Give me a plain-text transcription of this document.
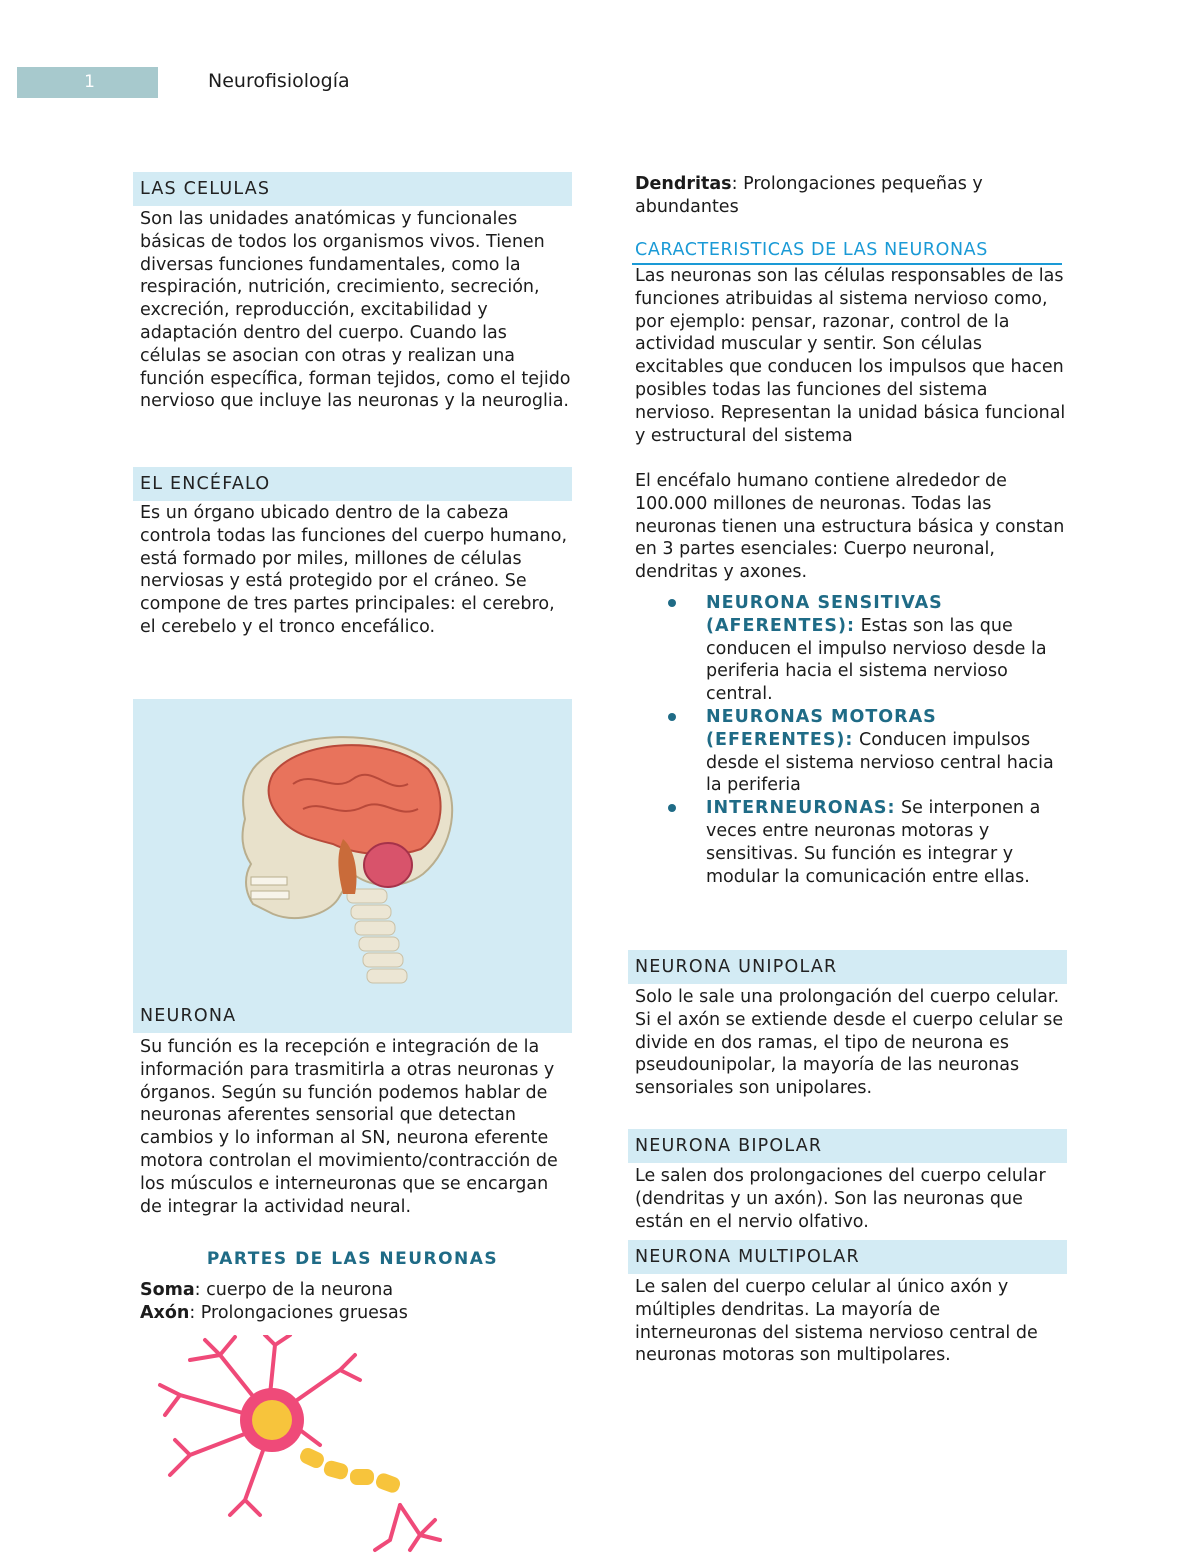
1	Neurofisiología
LAS CELULAS
Son las unidades anatómicas y funcionales básicas de todos los organismos vivos. Tienen diversas funciones fundamentales, como la respiración, nutrición, crecimiento, secreción, excreción, reproducción, excitabilidad y adaptación dentro del cuerpo. Cuando las células se asocian con otras y realizan una función específica, forman tejidos, como el tejido nervioso que incluye las neuronas y la neuroglia.
EL ENCÉFALO
Es un órgano ubicado dentro de la cabeza controla todas las funciones del cuerpo humano, está formado por miles, millones de células nerviosas y está protegido por el cráneo. Se compone de tres partes principales: el cerebro, el cerebelo y el tronco encefálico.
NEURONA
Su función es la recepción e integración de la información para trasmitirla a otras neuronas y órganos. Según su función podemos hablar de neuronas aferentes sensorial que detectan cambios y lo informan al SN, neurona eferente motora controlan el movimiento/contracción de los músculos e interneuronas que se encargan de integrar la actividad neural.
PARTES DE LAS NEURONAS
Soma: cuerpo de la neurona
Axón: Prolongaciones gruesas
Dendritas: Prolongaciones pequeñas y abundantes
CARACTERISTICAS DE LAS NEURONAS
Las neuronas son las células responsables de las funciones atribuidas al sistema nervioso como, por ejemplo: pensar, razonar, control de la actividad muscular y sentir. Son células excitables que conducen los impulsos que hacen posibles todas las funciones del sistema nervioso. Representan la unidad básica funcional y estructural del sistema
El encéfalo humano contiene alrededor de 100.000 millones de neuronas. Todas las neuronas tienen una estructura básica y constan en 3 partes esenciales: Cuerpo neuronal, dendritas y axones.
NEURONA SENSITIVAS (AFERENTES): Estas son las que conducen el impulso nervioso desde la periferia hacia el sistema nervioso central.
NEURONAS MOTORAS (EFERENTES): Conducen impulsos desde el sistema nervioso central hacia la periferia
INTERNEURONAS: Se interponen a veces entre neuronas motoras y sensitivas. Su función es integrar y modular la comunicación entre ellas.
NEURONA UNIPOLAR
Solo le sale una prolongación del cuerpo celular. Si el axón se extiende desde el cuerpo celular se divide en dos ramas, el tipo de neurona es pseudounipolar, la mayoría de las neuronas sensoriales son unipolares.
NEURONA BIPOLAR
Le salen dos prolongaciones del cuerpo celular (dendritas y un axón). Son las neuronas que están en el nervio olfativo.
NEURONA MULTIPOLAR
Le salen del cuerpo celular al único axón y múltiples dendritas. La mayoría de interneuronas del sistema nervioso central de neuronas motoras son multipolares.
